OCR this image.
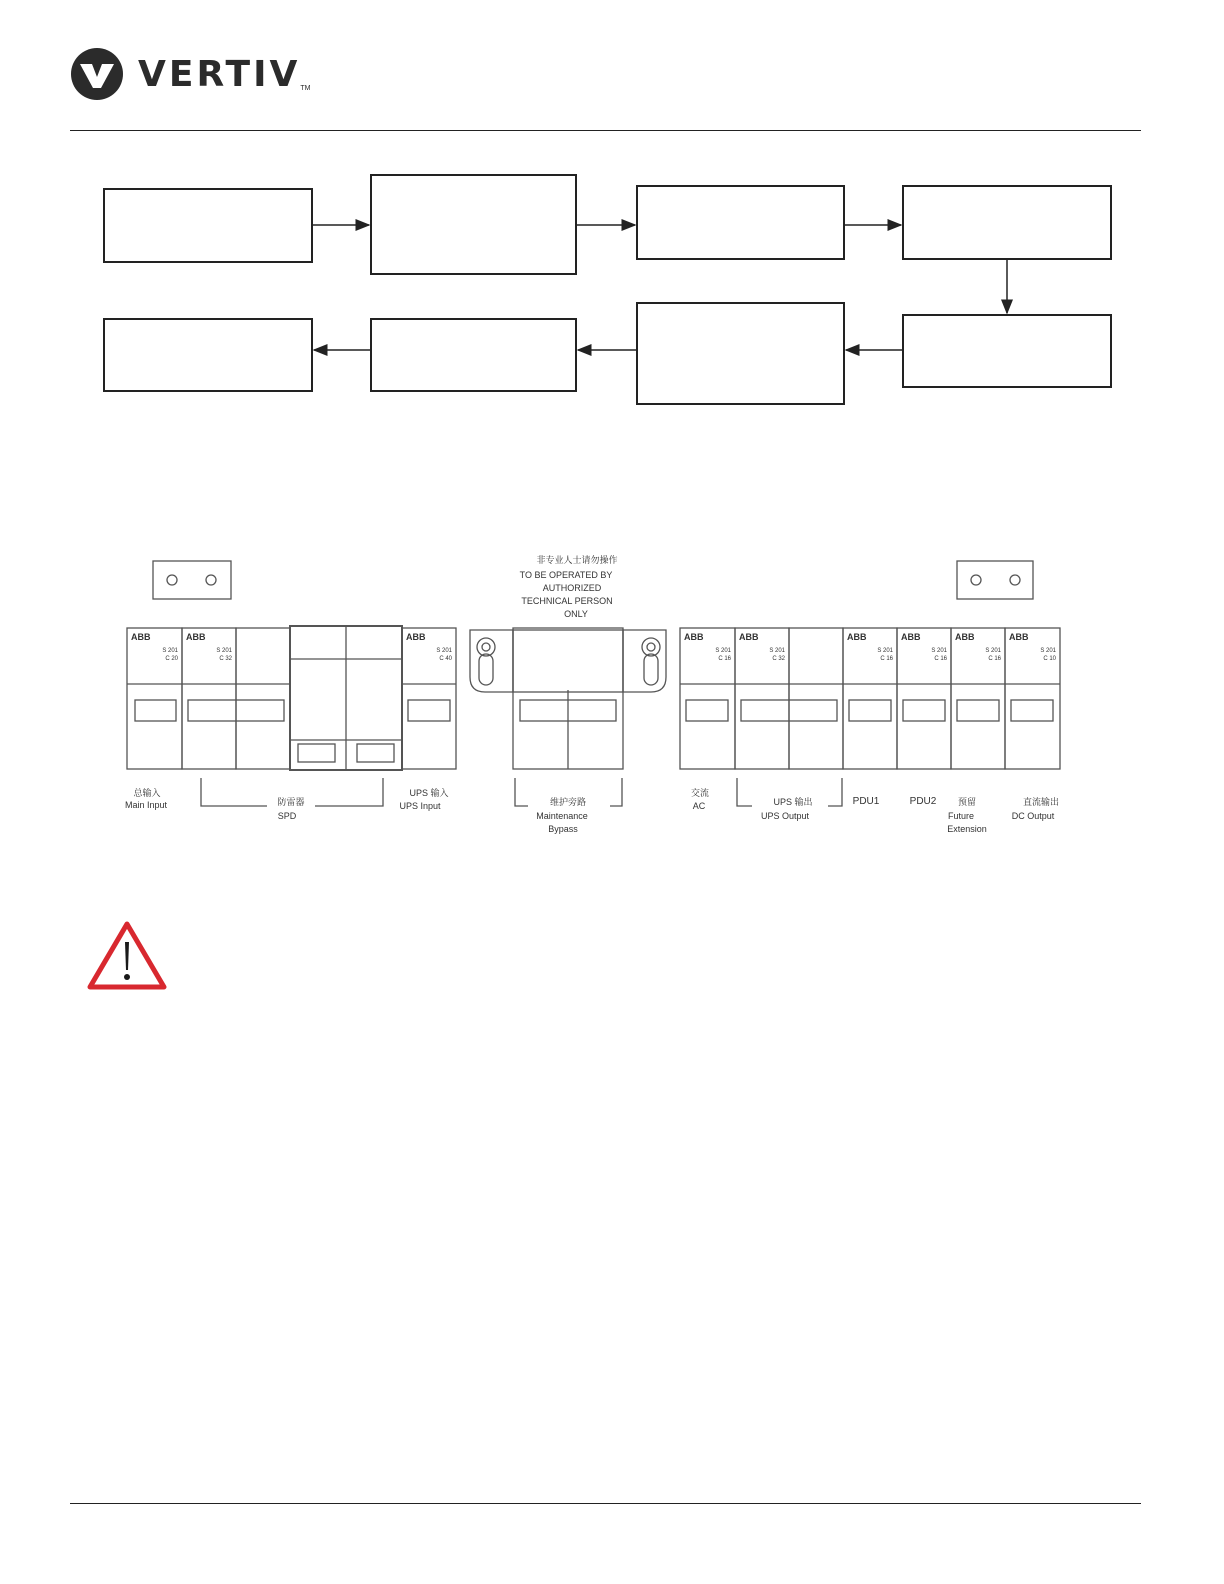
VERTIV TM
ABB	ABB	ABB	ABB	ABB	ABB	ABB	ABB	ABB
S 201
C 20
S 201
C 32
S 201
C 40
S 201
C 16
S 201
C 32
S 201
C 16
S 201
C 16
S 201
C 16
S 201
C 10
非专业人士请勿操作
TO BE OPERATED BY
AUTHORIZED
TECHNICAL PERSON
ONLY
总输入
Main Input	防雷器
SPD
UPS 输入
UPS Input	维护旁路
Maintenance
Bypass
交流
AC	UPS 输出
UPS Output
PDU1	PDU2 预留
Future
Extension
直流输出
DC Output
